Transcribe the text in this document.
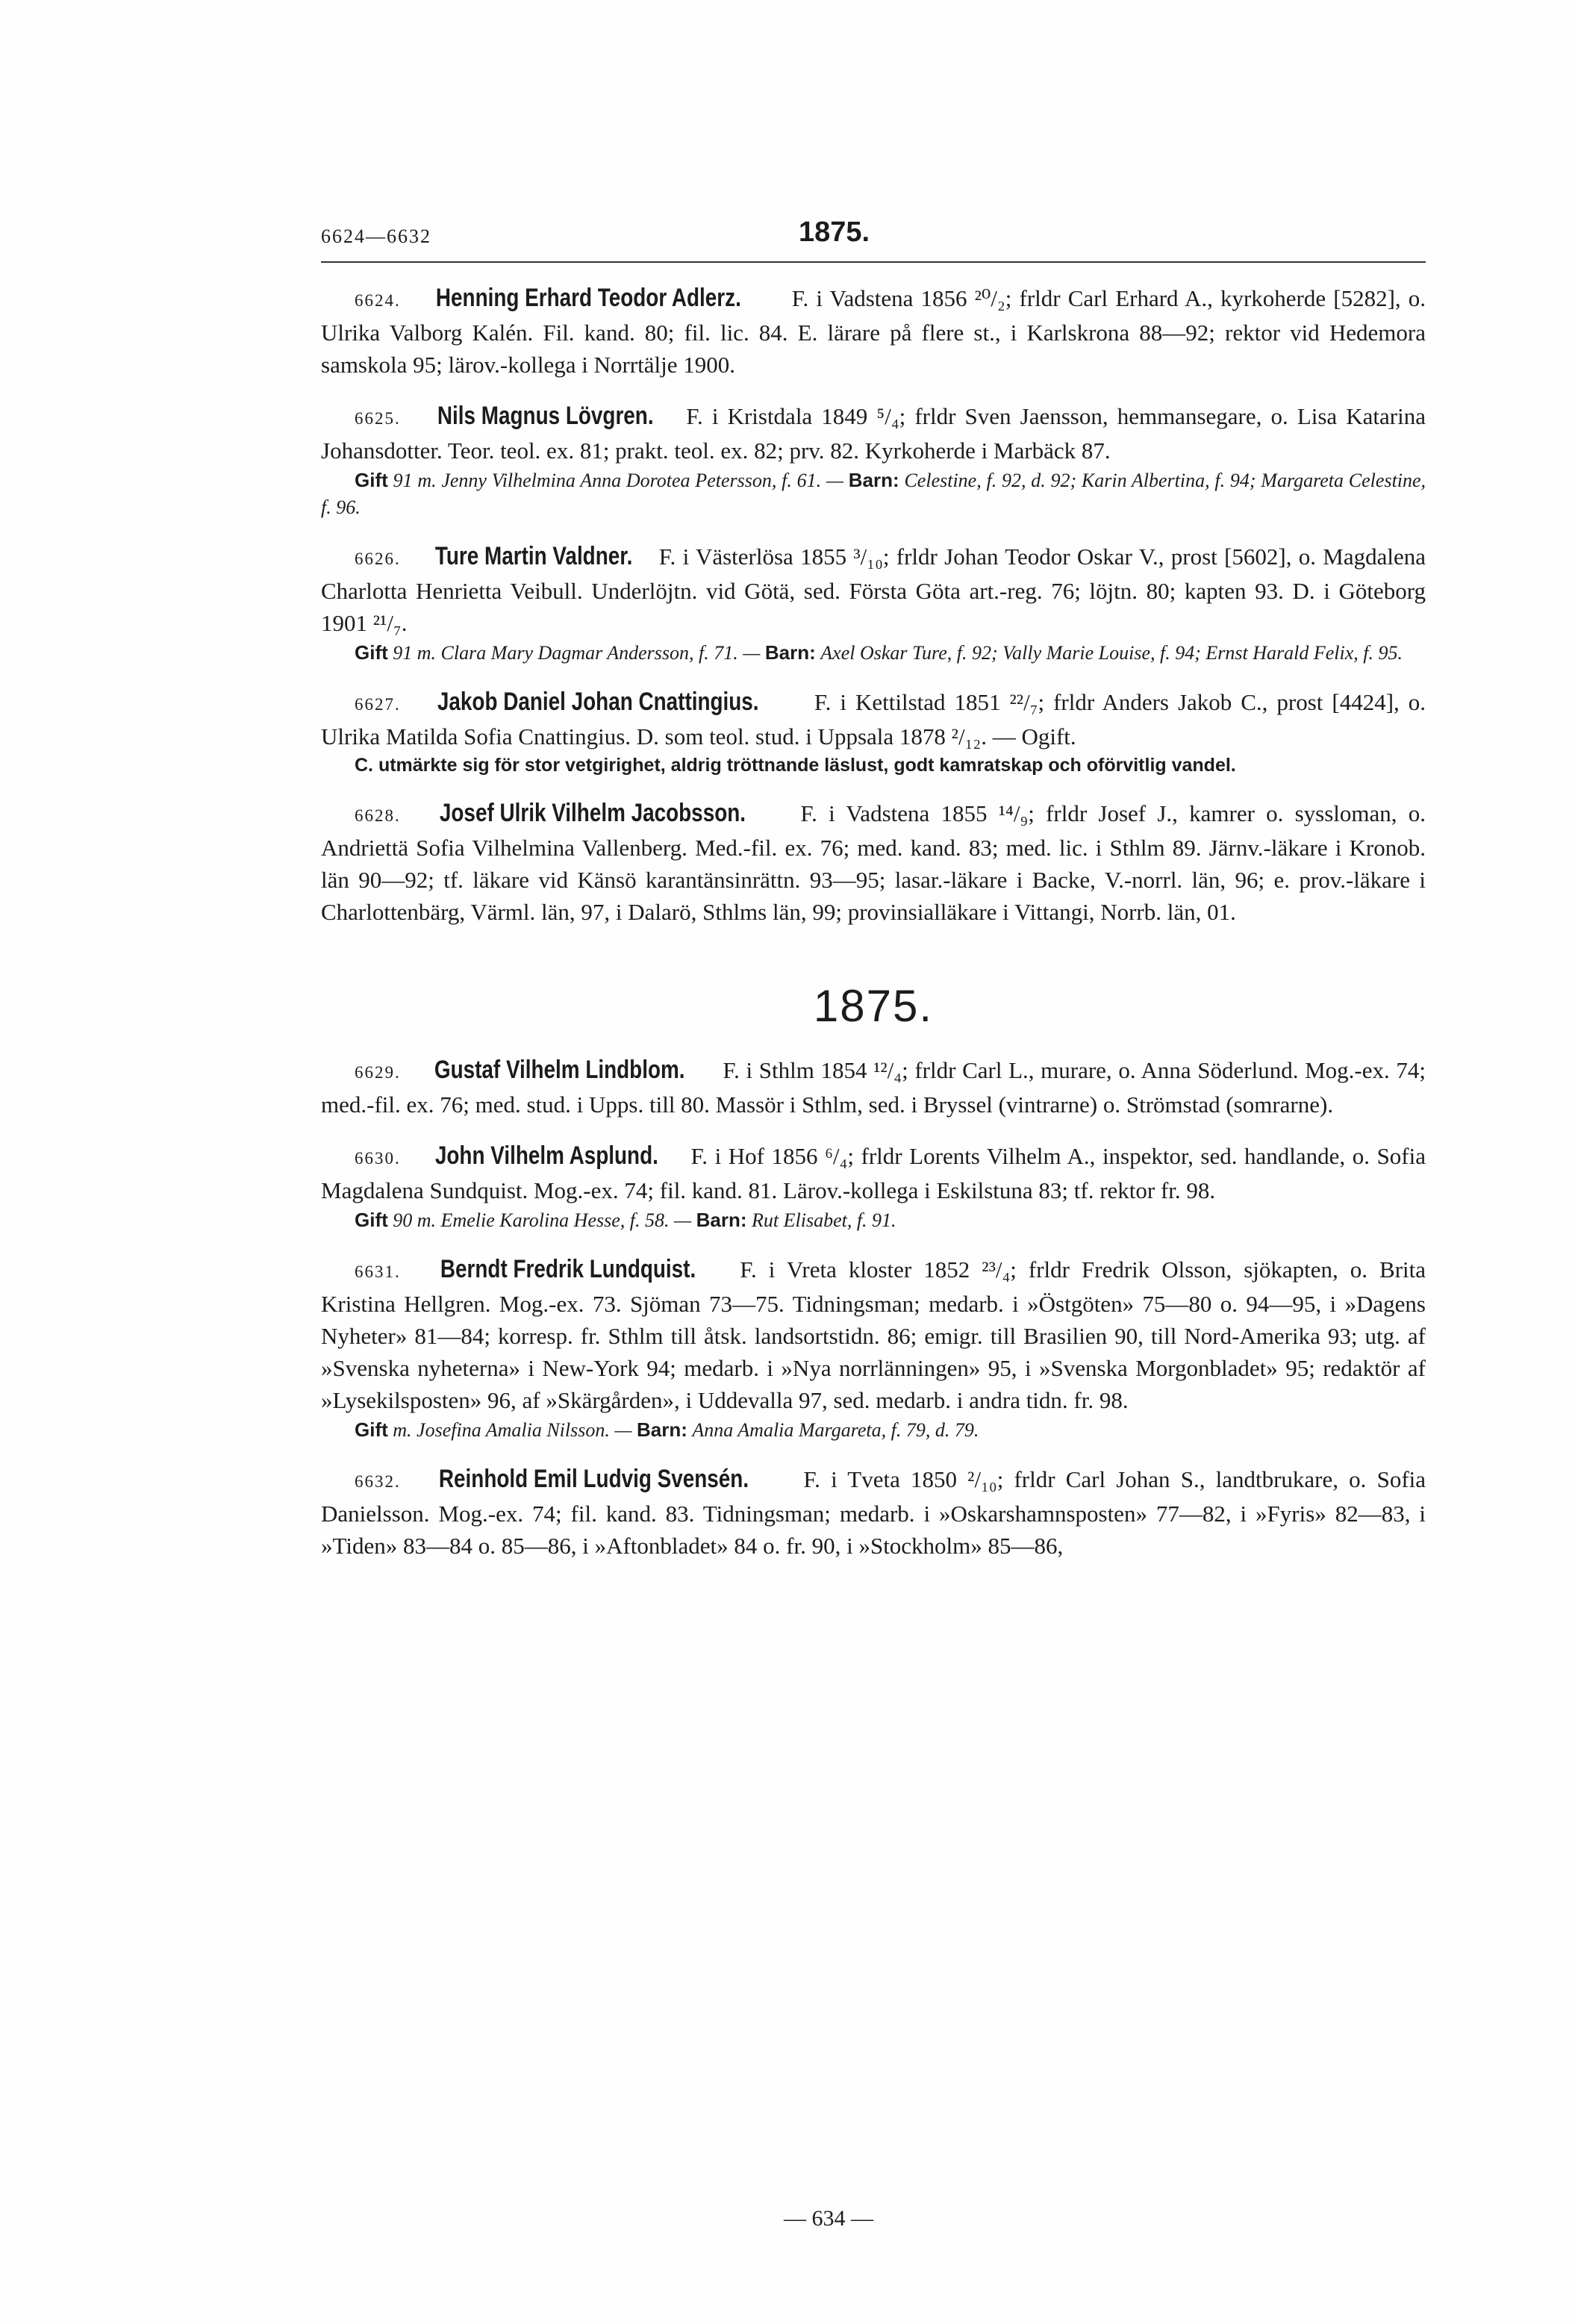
6624—6632	1875.

6624. Henning Erhard Teodor Adlerz. F. i Vadstena 1856 ²⁰/₂; frldr Carl Erhard A., kyrkoherde [5282], o. Ulrika Valborg Kalén. Fil. kand. 80; fil. lic. 84. E. lärare på flere st., i Karlskrona 88—92; rektor vid Hedemora samskola 95; lärov.-kollega i Norrtälje 1900.

6625. Nils Magnus Lövgren. F. i Kristdala 1849 ⁵/₄; frldr Sven Jaensson, hemmansegare, o. Lisa Katarina Johansdotter. Teor. teol. ex. 81; prakt. teol. ex. 82; prv. 82. Kyrkoherde i Marbäck 87.

Gift 91 m. Jenny Vilhelmina Anna Dorotea Petersson, f. 61. — Barn: Celestine, f. 92, d. 92; Karin Albertina, f. 94; Margareta Celestine, f. 96.

6626. Ture Martin Valdner. F. i Västerlösa 1855 ³/₁₀; frldr Johan Teodor Oskar V., prost [5602], o. Magdalena Charlotta Henrietta Veibull. Underlöjtn. vid Götä, sed. Första Göta art.-reg. 76; löjtn. 80; kapten 93. D. i Göteborg 1901 ²¹/₇.

Gift 91 m. Clara Mary Dagmar Andersson, f. 71. — Barn: Axel Oskar Ture, f. 92; Vally Marie Louise, f. 94; Ernst Harald Felix, f. 95.

6627. Jakob Daniel Johan Cnattingius. F. i Kettilstad 1851 ²²/₇; frldr Anders Jakob C., prost [4424], o. Ulrika Matilda Sofia Cnattingius. D. som teol. stud. i Uppsala 1878 ²/₁₂. — Ogift.

C. utmärkte sig för stor vetgirighet, aldrig tröttnande läslust, godt kamratskap och oförvitlig vandel.

6628. Josef Ulrik Vilhelm Jacobsson. F. i Vadstena 1855 ¹⁴/₉; frldr Josef J., kamrer o. syssloman, o. Andriettä Sofia Vilhelmina Vallenberg. Med.-fil. ex. 76; med. kand. 83; med. lic. i Sthlm 89. Järnv.-läkare i Kronob. län 90—92; tf. läkare vid Känsö karantänsinrättn. 93—95; lasar.-läkare i Backe, V.-norrl. län, 96; e. prov.-läkare i Charlottenbärg, Värml. län, 97, i Dalarö, Sthlms län, 99; provinsialläkare i Vittangi, Norrb. län, 01.

1875.

6629. Gustaf Vilhelm Lindblom. F. i Sthlm 1854 ¹²/₄; frldr Carl L., murare, o. Anna Söderlund. Mog.-ex. 74; med.-fil. ex. 76; med. stud. i Upps. till 80. Massör i Sthlm, sed. i Bryssel (vintrarne) o. Strömstad (somrarne).

6630. John Vilhelm Asplund. F. i Hof 1856 ⁶/₄; frldr Lorents Vilhelm A., inspektor, sed. handlande, o. Sofia Magdalena Sundquist. Mog.-ex. 74; fil. kand. 81. Lärov.-kollega i Eskilstuna 83; tf. rektor fr. 98.

Gift 90 m. Emelie Karolina Hesse, f. 58. — Barn: Rut Elisabet, f. 91.

6631. Berndt Fredrik Lundquist. F. i Vreta kloster 1852 ²³/₄; frldr Fredrik Olsson, sjökapten, o. Brita Kristina Hellgren. Mog.-ex. 73. Sjöman 73—75. Tidningsman; medarb. i »Östgöten» 75—80 o. 94—95, i »Dagens Nyheter» 81—84; korresp. fr. Sthlm till åtsk. landsortstidn. 86; emigr. till Brasilien 90, till Nord-Amerika 93; utg. af »Svenska nyheterna» i New-York 94; medarb. i »Nya norrlänningen» 95, i »Svenska Morgonbladet» 95; redaktör af »Lysekilsposten» 96, af »Skärgården», i Uddevalla 97, sed. medarb. i andra tidn. fr. 98.

Gift m. Josefina Amalia Nilsson. — Barn: Anna Amalia Margareta, f. 79, d. 79.

6632. Reinhold Emil Ludvig Svensén. F. i Tveta 1850 ²/₁₀; frldr Carl Johan S., landtbrukare, o. Sofia Danielsson. Mog.-ex. 74; fil. kand. 83. Tidningsman; medarb. i »Oskarshamnsposten» 77—82, i »Fyris» 82—83, i »Tiden» 83—84 o. 85—86, i »Aftonbladet» 84 o. fr. 90, i »Stockholm» 85—86,

— 634 —
